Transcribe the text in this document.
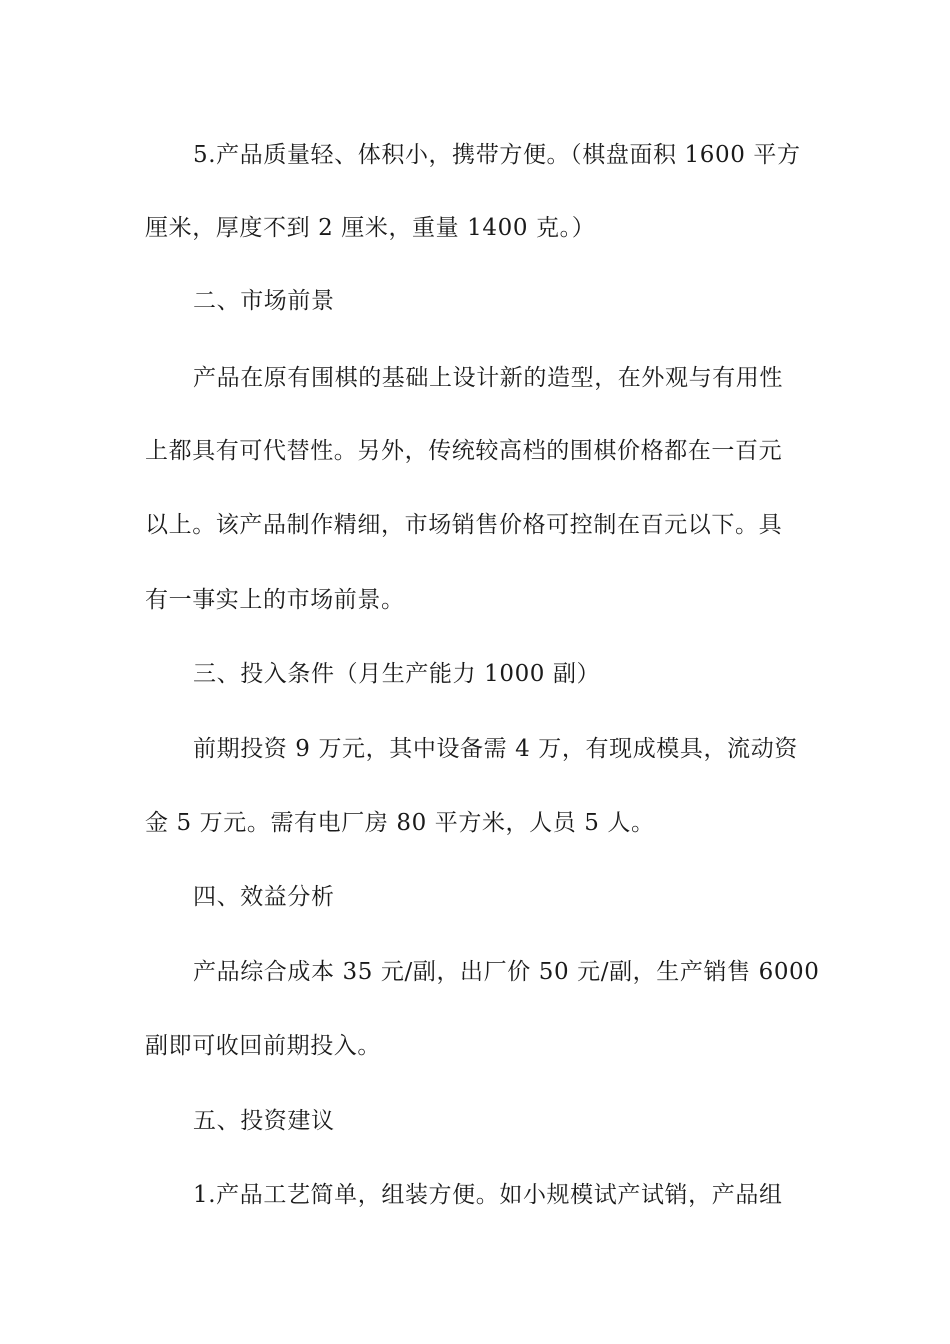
5.产品质量轻、体积小，携带方便。（棋盘面积 1600 平方
厘米，厚度不到 2 厘米，重量 1400 克。）
二、市场前景
产品在原有围棋的基础上设计新的造型，在外观与有用性
上都具有可代替性。另外，传统较高档的围棋价格都在一百元
以上。该产品制作精细，市场销售价格可控制在百元以下。具
有一事实上的市场前景。
三、投入条件（月生产能力 1000 副）
前期投资 9 万元，其中设备需 4 万，有现成模具，流动资
金 5 万元。需有电厂房 80 平方米，人员 5 人。
四、效益分析
产品综合成本 35 元/副，出厂价 50 元/副，生产销售 6000
副即可收回前期投入。
五、投资建议
1.产品工艺简单，组装方便。如小规模试产试销，产品组
